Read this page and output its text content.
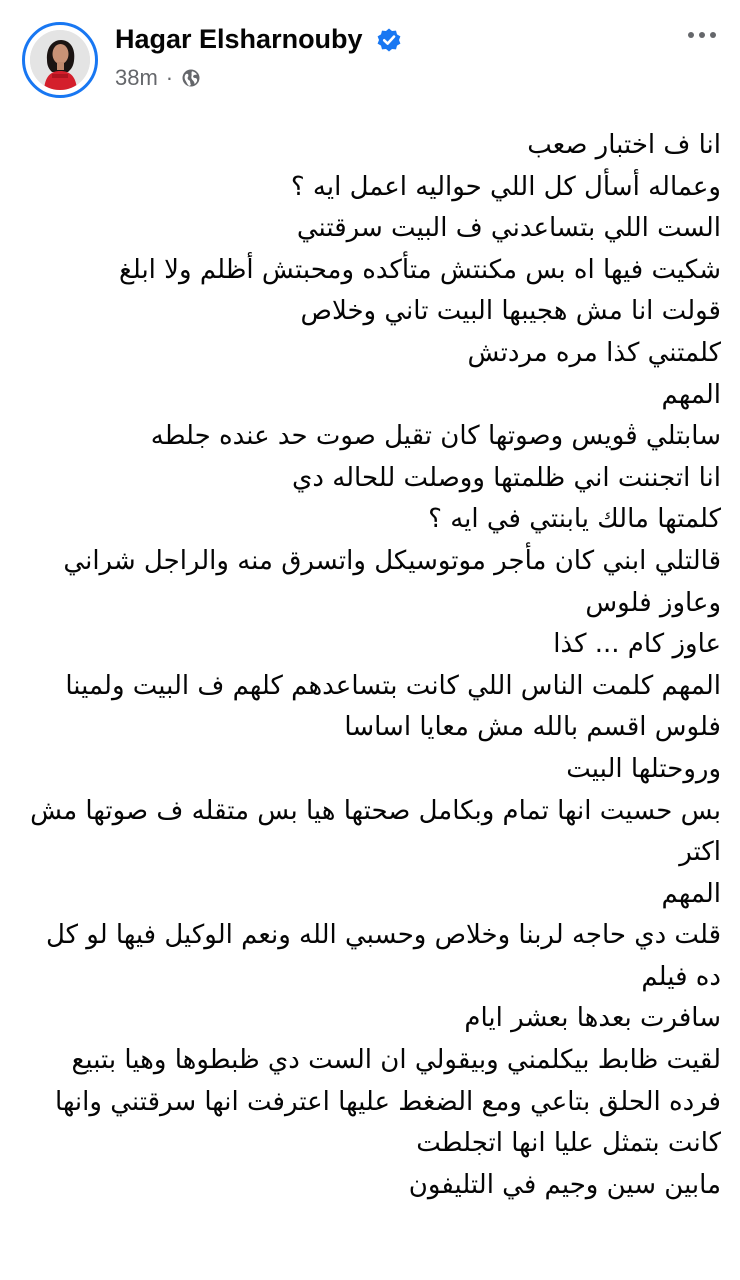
Hagar Elsharnouby
38m ·
انا ف اختبار صعب
وعماله أسأل كل اللي حواليه اعمل ايه ؟
الست اللي بتساعدني ف البيت سرقتني
شكيت فيها اه بس مكنتش متأكده ومحبتش أظلم ولا ابلغ
قولت انا مش هجيبها البيت تاني وخلاص
كلمتني كذا مره مردتش
المهم
سابتلي ڤويس وصوتها كان تقيل صوت حد عنده جلطه
انا اتجننت اني ظلمتها ووصلت للحاله دي
كلمتها مالك يابنتي في ايه ؟
قالتلي ابني كان مأجر موتوسيكل واتسرق منه والراجل شراني
وعاوز فلوس
عاوز كام ... كذا
المهم كلمت الناس اللي كانت بتساعدهم كلهم ف البيت ولمينا
فلوس اقسم بالله مش معايا اساسا
وروحتلها البيت
بس حسيت انها تمام وبكامل صحتها هيا بس متقله ف صوتها مش
اكتر
المهم
قلت دي حاجه لربنا وخلاص وحسبي الله ونعم الوكيل فيها لو كل
ده فيلم
سافرت بعدها بعشر ايام
لقيت ظابط بيكلمني وبيقولي ان الست دي ظبطوها وهيا بتبيع
فرده الحلق بتاعي ومع الضغط عليها اعترفت انها سرقتني وانها
كانت بتمثل عليا انها اتجلطت
مابين سين وجيم في التليفون
